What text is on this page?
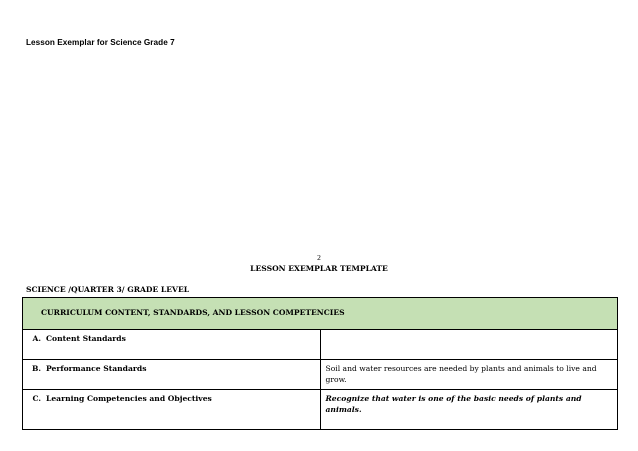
Lesson Exemplar for Science Grade 7
2
LESSON EXEMPLAR TEMPLATE
SCIENCE /QUARTER 3/ GRADE LEVEL
CURRICULUM CONTENT, STANDARDS, AND LESSON COMPETENCIES	

A. Content Standards	

B. Performance Standards	Soil and water resources are needed by plants and animals to live and grow.

C. Learning Competencies and Objectives	Recognize that water is one of the basic needs of plants and animals.
